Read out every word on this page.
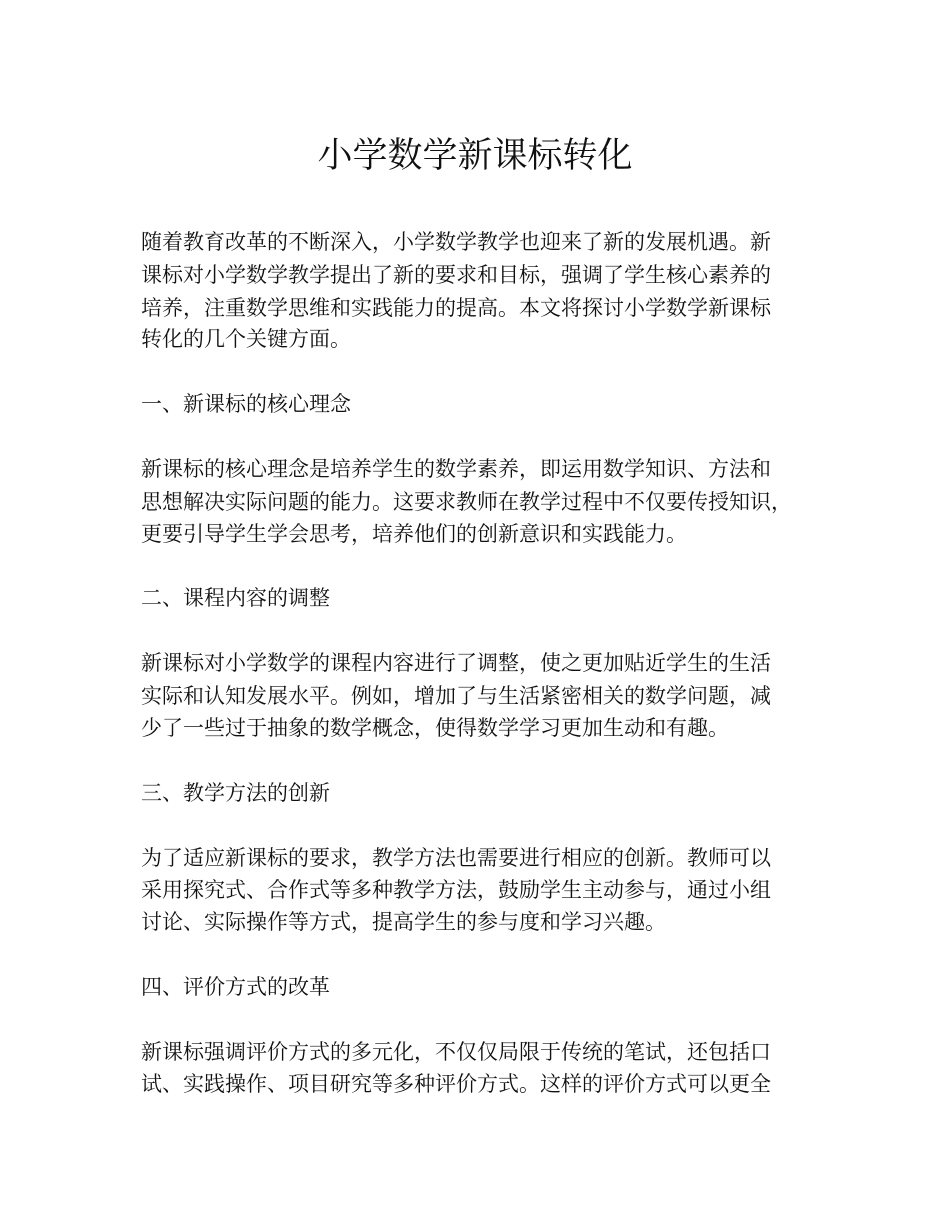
小学数学新课标转化

随着教育改革的不断深入，小学数学教学也迎来了新的发展机遇。新

课标对小学数学教学提出了新的要求和目标，强调了学生核心素养的

培养，注重数学思维和实践能力的提高。本文将探讨小学数学新课标

转化的几个关键方面。

一、新课标的核心理念

新课标的核心理念是培养学生的数学素养，即运用数学知识、方法和

思想解决实际问题的能力。这要求教师在教学过程中不仅要传授知识，

更要引导学生学会思考，培养他们的创新意识和实践能力。

二、课程内容的调整

新课标对小学数学的课程内容进行了调整，使之更加贴近学生的生活

实际和认知发展水平。例如，增加了与生活紧密相关的数学问题，减

少了一些过于抽象的数学概念，使得数学学习更加生动和有趣。

三、教学方法的创新

为了适应新课标的要求，教学方法也需要进行相应的创新。教师可以

采用探究式、合作式等多种教学方法，鼓励学生主动参与，通过小组

讨论、实际操作等方式，提高学生的参与度和学习兴趣。

四、评价方式的改革

新课标强调评价方式的多元化，不仅仅局限于传统的笔试，还包括口

试、实践操作、项目研究等多种评价方式。这样的评价方式可以更全
